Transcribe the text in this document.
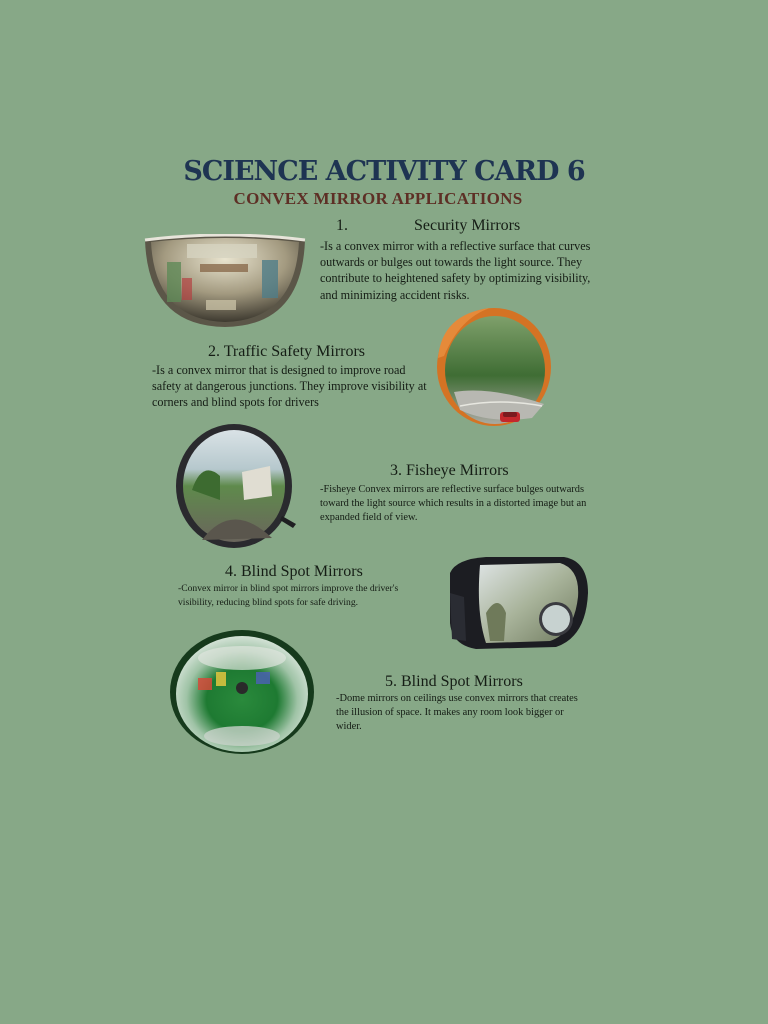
SCIENCE ACTIVITY CARD 6
CONVEX MIRROR APPLICATIONS
1.	Security Mirrors
-Is a convex mirror with a reflective surface that curves outwards or bulges out towards the light source. They contribute to heightened safety by optimizing visibility, and minimizing accident risks.
2. Traffic Safety Mirrors
-Is a convex mirror that is designed to improve road safety at dangerous junctions. They improve visibility at corners and blind spots for drivers
3. Fisheye Mirrors
-Fisheye Convex mirrors are reflective surface bulges outwards toward the light source which results in a distorted image but an expanded field of view.
4. Blind Spot Mirrors
-Convex mirror in blind spot mirrors improve the driver's visibility, reducing blind spots for safe driving.
5. Blind Spot Mirrors
-Dome mirrors on ceilings use convex mirrors that creates the illusion of space. It makes any room look bigger or wider.
